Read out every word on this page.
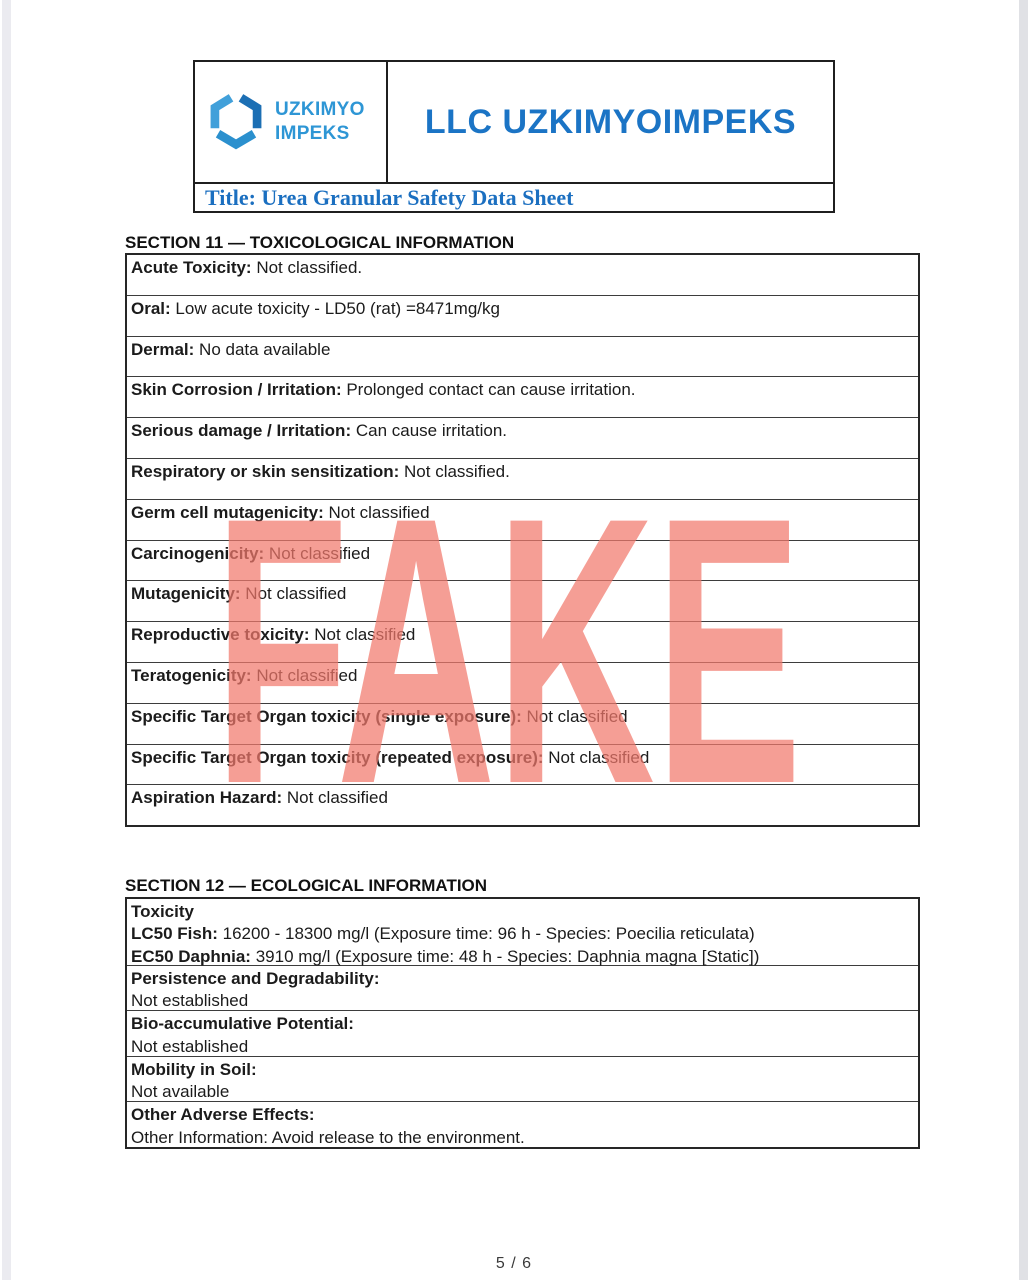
UZKIMYO
IMPEKS	LLC UZKIMYOIMPEKS
Title: Urea Granular Safety Data Sheet
SECTION 11 — TOXICOLOGICAL INFORMATION
Acute Toxicity: Not classified.
Oral: Low acute toxicity - LD50 (rat) =8471mg/kg
Dermal: No data available
Skin Corrosion / Irritation: Prolonged contact can cause irritation.
Serious damage / Irritation: Can cause irritation.
Respiratory or skin sensitization: Not classified.
Germ cell mutagenicity: Not classified
Carcinogenicity: Not classified
Mutagenicity: Not classified
Reproductive toxicity: Not classified
Teratogenicity: Not classified
Specific Target Organ toxicity (single exposure): Not classified
Specific Target Organ toxicity (repeated exposure): Not classified
Aspiration Hazard: Not classified
FAKE
SECTION 12 — ECOLOGICAL INFORMATION
Toxicity
LC50 Fish: 16200 - 18300 mg/l (Exposure time: 96 h - Species: Poecilia reticulata)
EC50 Daphnia: 3910 mg/l (Exposure time: 48 h - Species: Daphnia magna [Static])
Persistence and Degradability:
Not established
Bio-accumulative Potential:
Not established
Mobility in Soil:
Not available
Other Adverse Effects:
Other Information: Avoid release to the environment.
5 / 6
